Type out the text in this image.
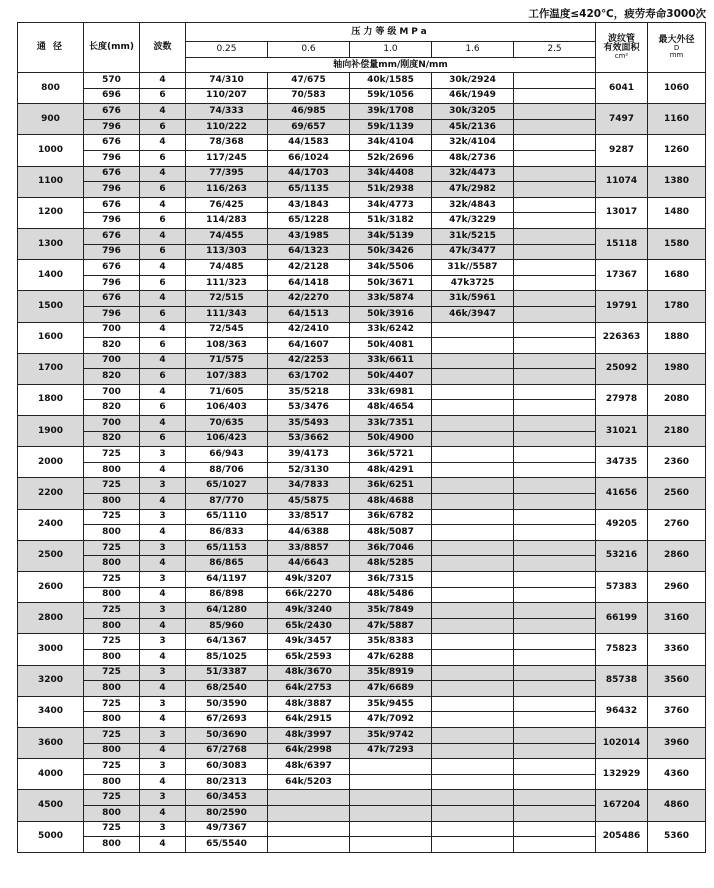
工作温度≤420℃，疲劳寿命3000次
通 径	长度(mm)	波数	压力等级MPa					波纹管
有效面积
cm²	最大外径
D
mm

			0.25	0.6	1.0	1.6	2.5		
			轴向补偿量mm/刚度N/mm						
800	570	4	74/310	47/675	40k/1585	30k/2924		6041	1060
	696	6	110/207	70/583	59k/1056	46k/1949			
900	676	4	74/333	46/985	39k/1708	30k/3205		7497	1160
	796	6	110/222	69/657	59k/1139	45k/2136			
1000	676	4	78/368	44/1583	34k/4104	32k/4104		9287	1260
	796	6	117/245	66/1024	52k/2696	48k/2736			
1100	676	4	77/395	44/1703	34k/4408	32k/4473		11074	1380
	796	6	116/263	65/1135	51k/2938	47k/2982			
1200	676	4	76/425	43/1843	34k/4773	32k/4843		13017	1480
	796	6	114/283	65/1228	51k/3182	47k/3229			
1300	676	4	74/455	43/1985	34k/5139	31k/5215		15118	1580
	796	6	113/303	64/1323	50k/3426	47k/3477			
1400	676	4	74/485	42/2128	34k/5506	31k//5587		17367	1680
	796	6	111/323	64/1418	50k/3671	47k3725			
1500	676	4	72/515	42/2270	33k/5874	31k/5961		19791	1780
	796	6	111/343	64/1513	50k/3916	46k/3947			
1600	700	4	72/545	42/2410	33k/6242			226363	1880
	820	6	108/363	64/1607	50k/4081				
1700	700	4	71/575	42/2253	33k/6611			25092	1980
	820	6	107/383	63/1702	50k/4407				
1800	700	4	71/605	35/5218	33k/6981			27978	2080
	820	6	106/403	53/3476	48k/4654				
1900	700	4	70/635	35/5493	33k/7351			31021	2180
	820	6	106/423	53/3662	50k/4900				
2000	725	3	66/943	39/4173	36k/5721			34735	2360
	800	4	88/706	52/3130	48k/4291				
2200	725	3	65/1027	34/7833	36k/6251			41656	2560
	800	4	87/770	45/5875	48k/4688				
2400	725	3	65/1110	33/8517	36k/6782			49205	2760
	800	4	86/833	44/6388	48k/5087				
2500	725	3	65/1153	33/8857	36k/7046			53216	2860
	800	4	86/865	44/6643	48k/5285				
2600	725	3	64/1197	49k/3207	36k/7315			57383	2960
	800	4	86/898	66k/2270	48k/5486				
2800	725	3	64/1280	49k/3240	35k/7849			66199	3160
	800	4	85/960	65k/2430	47k/5887				
3000	725	3	64/1367	49k/3457	35k/8383			75823	3360
	800	4	85/1025	65k/2593	47k/6288				
3200	725	3	51/3387	48k/3670	35k/8919			85738	3560
	800	4	68/2540	64k/2753	47k/6689				
3400	725	3	50/3590	48k/3887	35k/9455			96432	3760
	800	4	67/2693	64k/2915	47k/7092				
3600	725	3	50/3690	48k/3997	35k/9742			102014	3960
	800	4	67/2768	64k/2998	47k/7293				
4000	725	3	60/3083	48k/6397				132929	4360
	800	4	80/2313	64k/5203					
4500	725	3	60/3453					167204	4860
	800	4	80/2590						
5000	725	3	49/7367					205486	5360
	800	4	65/5540						
